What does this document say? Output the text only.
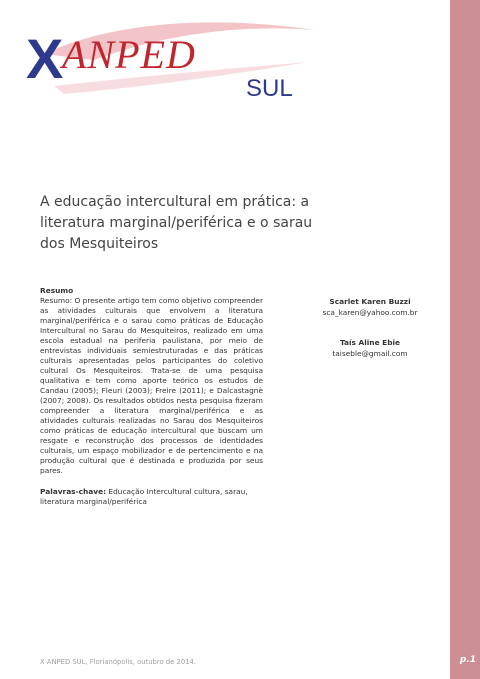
X
ANPED
SUL
A educação intercultural em prática: a literatura marginal/periférica e o sarau dos Mesquiteiros
Resumo

Resumo: O presente artigo tem como objetivo compreender as atividades culturais que envolvem a literatura marginal/periférica e o sarau como práticas de Educação Intercultural no Sarau do Mesquiteiros, realizado em uma escola estadual na periferia paulistana, por meio de entrevistas individuais semiestruturadas e das práticas culturais apresentadas pelos participantes do coletivo cultural Os Mesquiteiros. Trata-se de uma pesquisa qualitativa e tem como aporte teórico os estudos de Candau (2005); Fleuri (2003); Freire (2011); e Dalcastagnè (2007; 2008). Os resultados obtidos nesta pesquisa fizeram compreender a literatura marginal/periférica e as atividades culturais realizadas no Sarau dos Mesquiteiros como práticas de educação intercultural que buscam um resgate e reconstrução dos processos de identidades culturais, um espaço mobilizador e de pertencimento e na produção cultural que é destinada e produzida por seus pares.

Palavras-chave: Educação Intercultural cultura, sarau, literatura marginal/periférica
Scarlet Karen Buzzi
sca_karen@yahoo.com.br
Taís Aline Ebie
taiseble@gmail.com
X ANPED SUL, Florianópolis, outubro de 2014.	p.1
